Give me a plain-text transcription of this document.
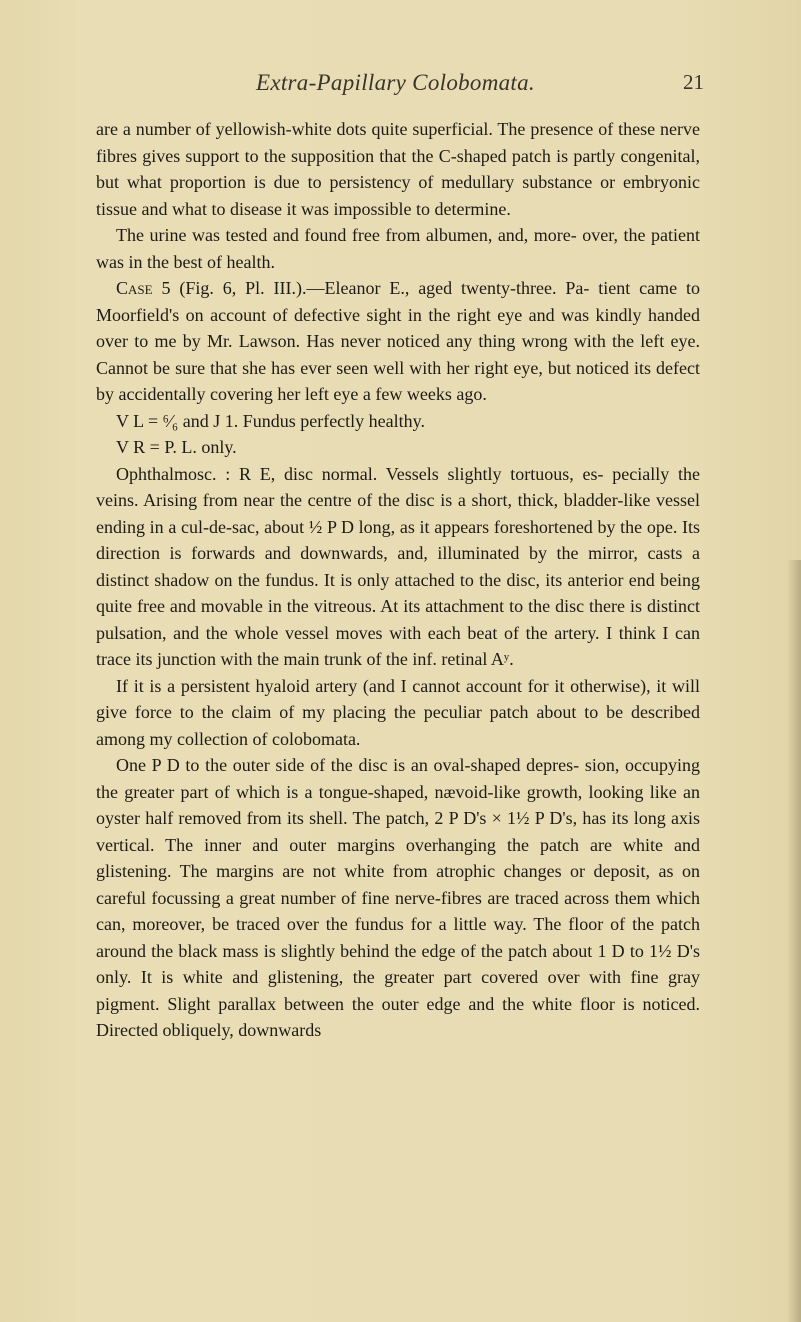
Extra-Papillary Colobomata.	21

are a number of yellowish-white dots quite superficial. The presence of these nerve fibres gives support to the supposition that the C-shaped patch is partly congenital, but what proportion is due to persistency of medullary substance or embryonic tissue and what to disease it was impossible to determine.

The urine was tested and found free from albumen, and, more- over, the patient was in the best of health.

Case 5 (Fig. 6, Pl. III.).—Eleanor E., aged twenty-three. Pa- tient came to Moorfield's on account of defective sight in the right eye and was kindly handed over to me by Mr. Lawson. Has never noticed any thing wrong with the left eye. Cannot be sure that she has ever seen well with her right eye, but noticed its defect by accidentally covering her left eye a few weeks ago.

V L = ⁶⁄₆ and J 1. Fundus perfectly healthy.

V R = P. L. only.

Ophthalmosc. : R E, disc normal. Vessels slightly tortuous, es- pecially the veins. Arising from near the centre of the disc is a short, thick, bladder-like vessel ending in a cul-de-sac, about ½ P D long, as it appears foreshortened by the ope. Its direction is forwards and downwards, and, illuminated by the mirror, casts a distinct shadow on the fundus. It is only attached to the disc, its anterior end being quite free and movable in the vitreous. At its attachment to the disc there is distinct pulsation, and the whole vessel moves with each beat of the artery. I think I can trace its junction with the main trunk of the inf. retinal Aʸ.

If it is a persistent hyaloid artery (and I cannot account for it otherwise), it will give force to the claim of my placing the peculiar patch about to be described among my collection of colobomata.

One P D to the outer side of the disc is an oval-shaped depres- sion, occupying the greater part of which is a tongue-shaped, nævoid-like growth, looking like an oyster half removed from its shell. The patch, 2 P D's × 1½ P D's, has its long axis vertical. The inner and outer margins overhanging the patch are white and glistening. The margins are not white from atrophic changes or deposit, as on careful focussing a great number of fine nerve-fibres are traced across them which can, moreover, be traced over the fundus for a little way. The floor of the patch around the black mass is slightly behind the edge of the patch about 1 D to 1½ D's only. It is white and glistening, the greater part covered over with fine gray pigment. Slight parallax between the outer edge and the white floor is noticed. Directed obliquely, downwards
